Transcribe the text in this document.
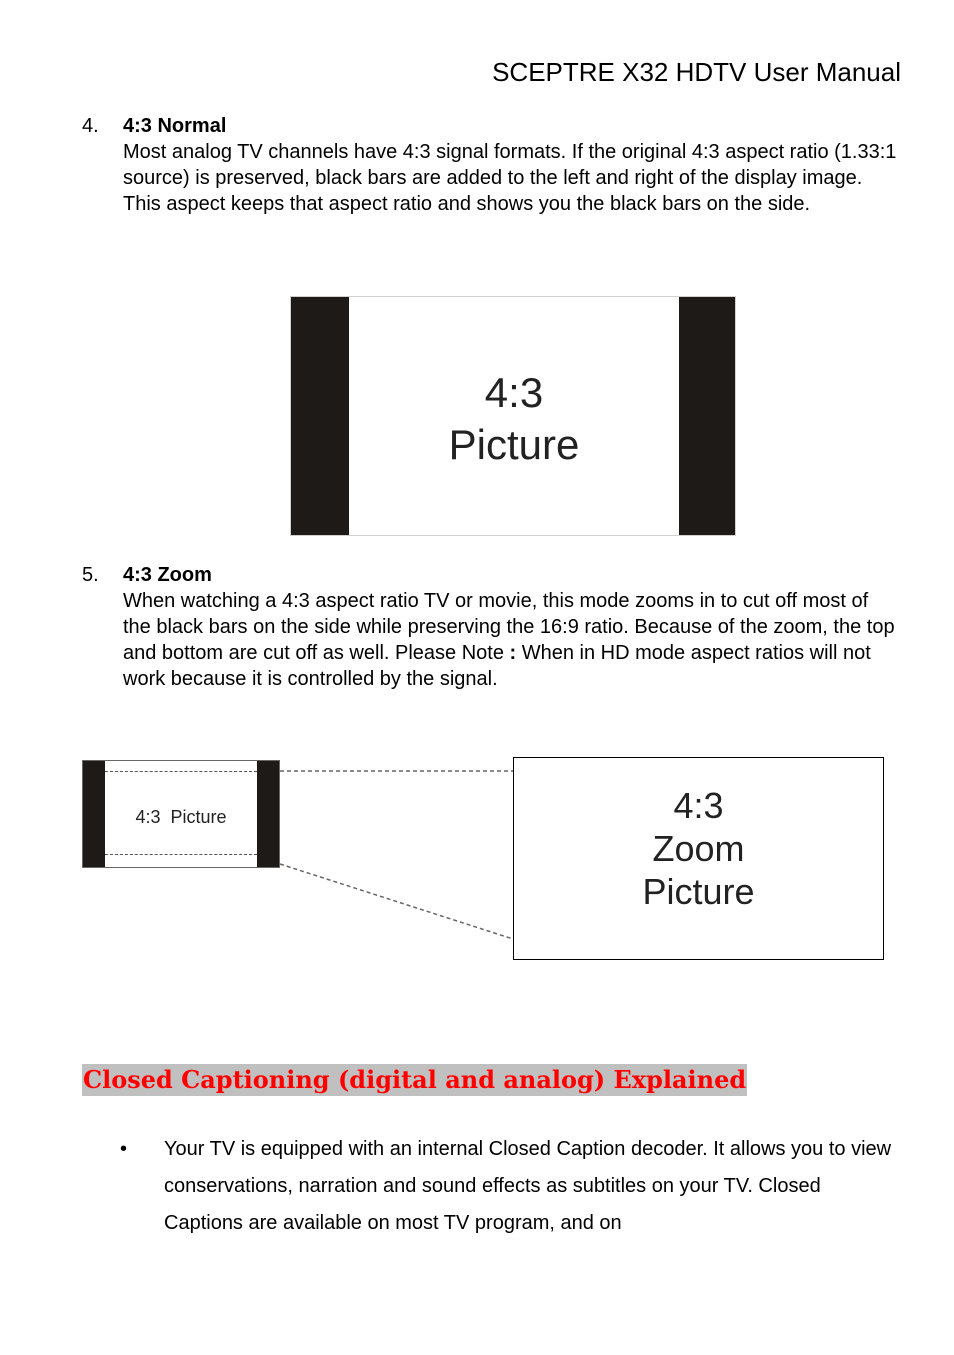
SCEPTRE X32 HDTV User Manual
4. 4:3 Normal
Most analog TV channels have 4:3 signal formats. If the original 4:3 aspect ratio (1.33:1 source) is preserved, black bars are added to the left and right of the display image. This aspect keeps that aspect ratio and shows you the black bars on the side.
4:3
Picture
5. 4:3 Zoom
When watching a 4:3 aspect ratio TV or movie, this mode zooms in to cut off most of the black bars on the side while preserving the 16:9 ratio. Because of the zoom, the top and bottom are cut off as well. Please Note : When in HD mode aspect ratios will not work because it is controlled by the signal.
4:3  Picture	4:3
Zoom
Picture
Closed Captioning (digital and analog) Explained
• Your TV is equipped with an internal Closed Caption decoder. It allows you to view conservations, narration and sound effects as subtitles on your TV. Closed Captions are available on most TV program, and on
